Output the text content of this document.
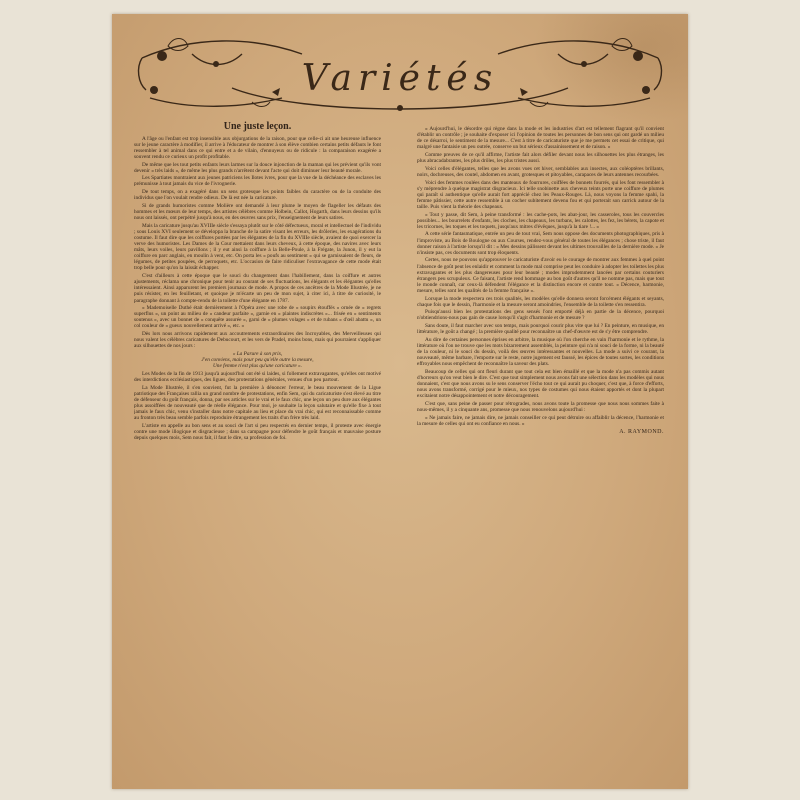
Variétés

Une juste leçon.

A l'âge ou l'enfant est trop insensible aux objurgations de la raison, pour que celle-ci ait une heureuse influence sur le jeune caractère à modifier, il arrive à l'éducateur de montrer à son élève combien certains petits défauts le font ressembler à tel animal dans ce qui entre et a de vilain, d'ennuyeux ou de ridicule : la comparaison exagérée a souvent rendu ce curieux un profit profitable.

De même que les tout petits enfants leurs larmes sur la douce injonction de la maman qui les prévient qu'ils vont devenir « très laids », de même les plus grands n'arrêtent devant l'acte qui doit diminuer leur beauté morale.

Les Spartiates montraient aux jeunes patriciens les Ilotes ivres, pour que la vue de la déchéance des esclaves les prémunisse à tout jamais du vice de l'ivrognerie.

De tout temps, on a exagéré dans un sens grotesque les points faibles du caractère ou de la conduite des individus que l'on voulait rendre odieux. De là est née la caricature.

Si de grands humoristes comme Molière ont demandé à leur plume le moyen de flageller les défauts des hommes et les mœurs de leur temps, des artistes célèbres comme Holbein, Callot, Hogarth, dans leurs dessins qu'ils nous ont laissés, ont perpétré jusqu'à nous, en des œuvres sans prix, l'enseignement de leurs satires.

Mais la caricature jusqu'au XVIIIe siècle s'essaya plutôt sur le côté défectueux, moral et intellectuel de l'individu ; sous Louis XVI seulement se développa la branche de la satire visant les erreurs, les drôleries, les exagérations du costume. Il faut dire que les coiffures portées par les élégantes de la fin du XVIIIe siècle, avaient de quoi exercer la verve des humoristes. Les Dames de la Cour mettaient dans leurs cheveux, à cette époque, des navires avec leurs mâts, leurs voiles, leurs pavillons ; il y eut ainsi la coiffure à la Belle-Poule, à la Frégate, la Junon, il y eut la coiffure en parc anglais, en moulin à vent, etc. On porta les « poufs au sentiment » qui se garnissaient de fleurs, de légumes, de petites poupées, de perroquets, etc. L'occasion de faire ridiculiser l'extravagance de cette mode était trop belle pour qu'on la laissât échapper.

C'est d'ailleurs à cette époque que le souci du changement dans l'habillement, dans la coiffure et autres ajustements, réclama une chronique pour tenir au courant de ses fluctuations, les élégants et les élégantes qu'elles intéressaient. Ainsi apparurent les premiers journaux de mode. A propos de ces ancêtres de la Mode Illustrée, je ne puis résister, en les feuilletant, et quoique je m'écarte un peu de mon sujet, à citer ici, à titre de curiosité, le paragraphe donnant à compte-rendu de la toilette d'une élégante en 1787.

« Mademoiselle Duthé était dernièrement à l'Opéra avec une robe de « soupirs étouffés » ornée de « regrets superflus », un point au milieu de « candeur parfaite », garnie en « plaintes indiscrètes »... frisée en « sentiments soutenus », avec un bonnet de « conquête assurée », garni de « plumes volages » et de rubans « d'œil abattu », un col couleur de « gueux nouvellement arrivé », etc. »

Dès lors nous arrivons rapidement aux accoutrements extraordinaires des Incroyables, des Merveilleuses qui nous valent les célèbres caricatures de Debucourt, et les vers de Pradel, moins bons, mais qui pourraient s'appliquer aux silhouettes de nos jours :

« La Parure à son prix,
J'en conviens, mais pour peu qu'elle outre la mesure,
Une femme n'est plus qu'une caricature ».

Les Modes de la fin de 1913 jusqu'à aujourd'hui ont été si laides, si follement extravagantes, qu'elles ont motivé des interdictions ecclésiastiques, des ligues, des protestations générales, venues d'un peu partout.

La Mode Illustrée, il s'en souvient, fut la première à dénoncer l'erreur, le beau mouvement de la Ligue patriotique des Françaises rallia un grand nombre de protestations, enfin Sem, qui du caricaturiste s'est élevé au titre de défenseur du goût français, donna, par ses articles sur le vrai et le faux chic, une leçon un peu dure aux élégantes plus assoiffées de nouveauté que de réelle élégance. Pour moi, je souhaite la leçon salutaire et qu'elle fixe à tout jamais le faux chic, venu s'installer dans notre capitale au lieu et place du vrai chic, qui est reconnaissable comme au fronton très beau semble parfois reproduire étrangement les traits d'un frère très laid.

L'artiste en appelle au bon sens et au souci de l'art si peu respectés en dernier temps, il proteste avec énergie contre une mode illogique et disgracieuse ; dans sa campagne pour défendre le goût français et mauvaise posture depuis quelques mois, Sem nous fait, il faut le dire, sa profession de foi.

« Aujourd'hui, le désordre qui règne dans la mode et les industries d'art est tellement flagrant qu'il convient d'établir un contrôle ; je souhaite d'exposer ici l'opinion de toutes les personnes de bon sens qui ont gardé un milieu de ce désarroi, le sentiment de la mesure... C'est à titre de caricaturiste que je me permets cet essai de critique, qui malgré une fantaisie un peu outrée, conserve un but sérieux d'assainissement et de raison. »

Comme preuves de ce qu'il affirme, l'artiste fait alors défiler devant nous les silhouettes les plus étranges, les plus abracadabrantes, les plus drôles, les plus tristes aussi.

Voici celles d'élégantes, telles que les avons vues cet hiver, semblables aux insectes, aux coléoptères brillants, noirs, dochreuses, des coutel, abdomen en avant, grotesques et pitoyables, carapaces de leurs antennes recourbées.

Voici des femmes roulées dans des manteaux de fourrures, coiffées de bonnets fourrés, qui les font ressembler à s'y méprendre à quelque magistrat disgracieux. Ici telle snobinette aux cheveux teints porte une coiffure de plumes qui paraît si authentique qu'elle aurait fort apprécié chez les Peaux-Rouges. Là, nous voyons la femme spahi, la femme pâtissier, cette autre ressemble à un cocher subitement devenu fou et qui porterait son carrick autour de la taille. Puis vient la théorie des chapeaux.

« Tout y passe, dit Sem, à peine transformé : les cache-pots, les abat-jour, les casseroles, tous les couvercles possibles... les bourrelets d'enfants, les cloches, les chapeaux, les turbans, les calottes, les fez, les bérets, la capote et les tricornes, les toques et les toquets, jusqu'aux mitres d'évêques, jusqu'à la tiare !... »

A cette série fantasmatique, entrée un peu de tout vrai, Sem nous oppose des documents photographiques, pris à l'improviste, au Bois de Boulogne ou aux Courses, rendez-vous général de toutes les élégances ; chose triste, il faut donner raison à l'artiste lorsqu'il dit : « Mes dessins pâlissent devant les ultimes trouvailles de la dernière mode. » Je n'insiste pas, ces documents sont trop éloquents.

Certes, nous ne pouvons qu'approuver le caricaturiste d'avoir eu le courage de montrer aux femmes à quel point l'absence de goût peut les enlaidir et comment la mode mal comprise peut les conduire à adopter les toilettes les plus extravagantes et les plus dangereuses pour leur beauté ; modes imprudemment lancées par certains couturiers étrangers peu scrupuleux. Ce faisant, l'artiste rend hommage au bon goût d'autres qu'il ne nomme pas, mais que tout le monde connaît, car ceux-là défendent l'élégance et la distinction encore et contre tout. « Décence, harmonie, mesure, telles sont les qualités de la femme française ».

Lorsque la mode respectera ces trois qualités, les modèles qu'elle donnera seront forcément élégants et seyants, chaque fois que le dessin, l'harmonie et la mesure seront amoindries, l'ensemble de la toilette s'en ressentira.

Puisqu'aussi bien les protestations des gens sensés l'ont emporté déjà en partie de la décence, pourquoi n'obtiendrions-nous pas gain de cause lorsqu'il s'agit d'harmonie et de mesure ?

Sans doute, il faut marcher avec son temps, mais pourquoi courir plus vite que lui ? En peinture, en musique, en littérature, le goût a changé ; la première qualité pour reconnaître un chef-d'œuvre est de s'y être comprendre.

Au dire de certaines personnes éprises en arbitre, la musique où l'on cherche en vain l'harmonie et le rythme, la littérature où l'on ne trouve que les mots bizarrement assemblés, la peinture qui n'a ni souci de la forme, ni la beauté de la couleur, ni le souci du dessin, voilà des œuvres intéressantes et nouvelles. La mode a suivi ce courant, la nouveauté, même barbare, l'emporte sur le reste, notre jugement est faussé, les épices de toutes sortes, les conditions effroyables nous empêchent de reconnaître la saveur des plats.

Beaucoup de celles qui ont fleuri durant que tout cela est bien émaillé et que la mode n'a pas commis autant d'horreurs qu'on veut bien le dire. C'est que tout simplement nous avons fait une sélection dans les modèles qui nous donnaient, c'est que nous avons su le sens conserver l'écho tout ce qui aurait pu choquer, c'est que, à force d'efforts, nous avons transformé, corrigé pour le mieux, nos types de costumes qui nous étaient apportés et dont la plupart excitaient notre désappointement et notre découragement.

C'est que, sans peine de passer pour rétrogrades, nous avons toute la promesse que nous nous sommes faite à nous-mêmes, il y a cinquante ans, promesse que nous renouvelons aujourd'hui :

« Ne jamais faire, ne jamais dire, ne jamais conseiller ce qui peut détruire ou affaiblir la décence, l'harmonie et la mesure de celles qui ont eu confiance en nous. »

A. RAYMOND.
